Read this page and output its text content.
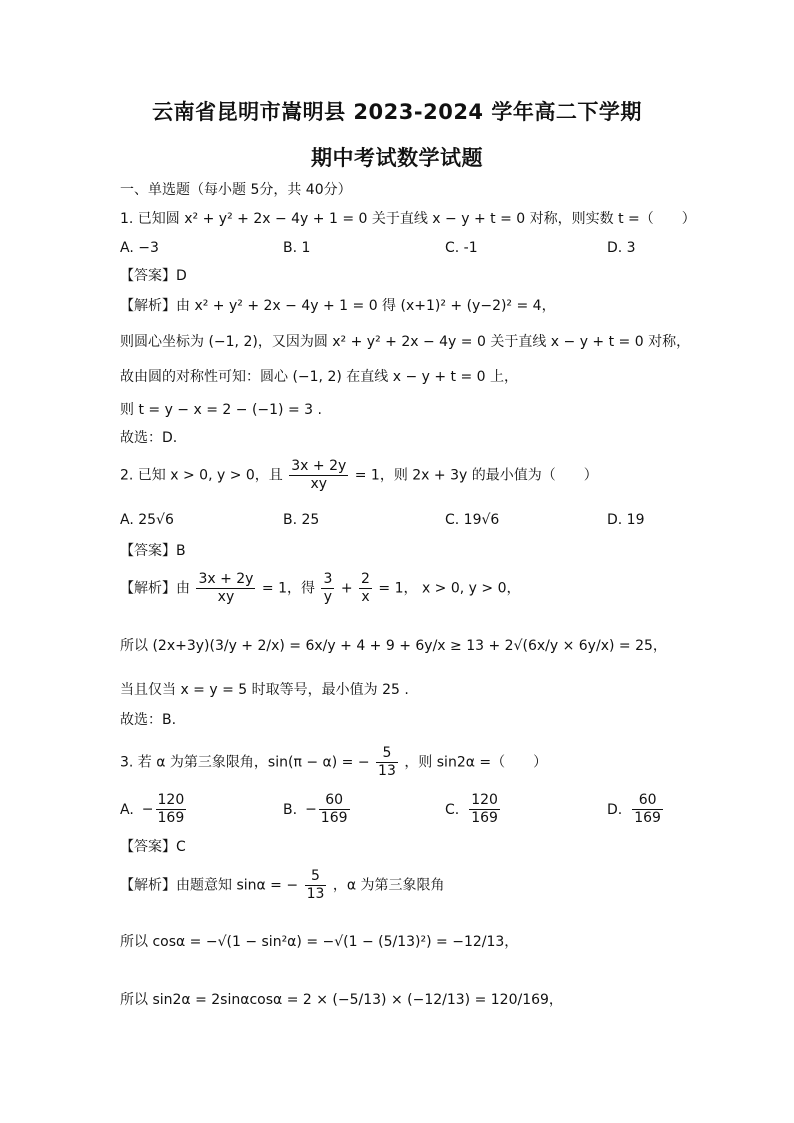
云南省昆明市嵩明县 2023-2024 学年高二下学期
期中考试数学试题
一、单选题（每小题 5分，共 40分）
1. 已知圆 x² + y² + 2x − 4y + 1 = 0 关于直线 x − y + t = 0 对称，则实数 t =（　　）
A. −3	B. 1	C. -1	D. 3
【答案】D
【解析】由 x² + y² + 2x − 4y + 1 = 0 得 (x+1)² + (y−2)² = 4，
则圆心坐标为 (−1, 2)，又因为圆 x² + y² + 2x − 4y = 0 关于直线 x − y + t = 0 对称，
故由圆的对称性可知：圆心 (−1, 2) 在直线 x − y + t = 0 上，
则 t = y − x = 2 − (−1) = 3 .
故选：D.
2. 已知 x > 0, y > 0，且 $\frac{3x + 2y}{xy} = 1$，则 2x + 3y 的最小值为（　　）
A. 25√6	B. 25	C. 19√6	D. 19
【答案】B
【解析】由 $\frac{3x + 2y}{xy} = 1$，得 $\frac{3}{y} + \frac{2}{x} = 1$， x > 0, y > 0，
所以 (2x+3y)(3/y + 2/x) = 6x/y + 4 + 9 + 6y/x ≥ 13 + 2√(6x/y × 6y/x) = 25，
当且仅当 x = y = 5 时取等号，最小值为 25 .
故选：B.
3. 若 α 为第三象限角，sin(π − α) = − $\frac{5}{13}$ ，则 sin2α =（　　）
A. − $\frac{120}{169}$	B. − $\frac{60}{169}$	C. $\frac{120}{169}$	D. $\frac{60}{169}$
【答案】C
【解析】由题意知 sinα = − $\frac{5}{13}$ ，α 为第三象限角
所以 cosα = −√(1 − sin²α) = −√(1 − (5/13)²) = −12/13，
所以 sin2α = 2sinαcosα = 2 × (−5/13) × (−12/13) = 120/169，
